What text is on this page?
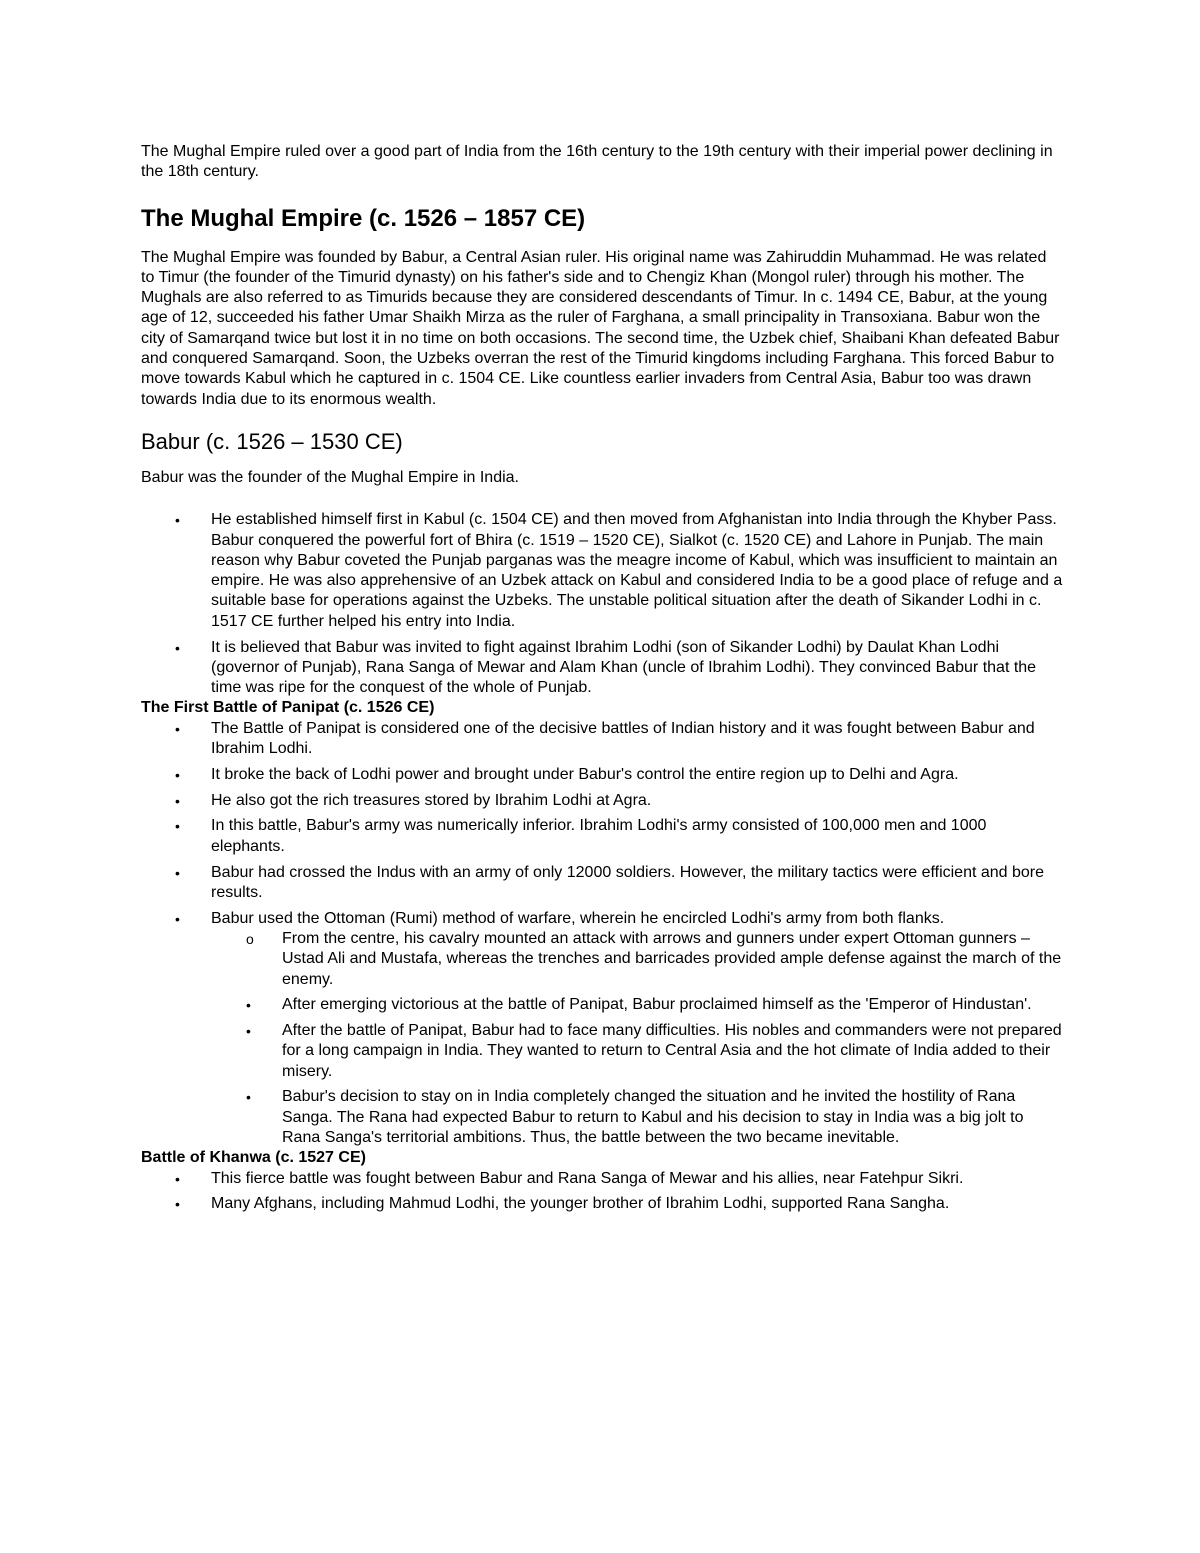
The Mughal Empire ruled over a good part of India from the 16th century to the 19th century with their imperial power declining in the 18th century.

The Mughal Empire (c. 1526 – 1857 CE)

The Mughal Empire was founded by Babur, a Central Asian ruler. His original name was Zahiruddin Muhammad. He was related to Timur (the founder of the Timurid dynasty) on his father's side and to Chengiz Khan (Mongol ruler) through his mother. The Mughals are also referred to as Timurids because they are considered descendants of Timur. In c. 1494 CE, Babur, at the young age of 12, succeeded his father Umar Shaikh Mirza as the ruler of Farghana, a small principality in Transoxiana. Babur won the city of Samarqand twice but lost it in no time on both occasions. The second time, the Uzbek chief, Shaibani Khan defeated Babur and conquered Samarqand. Soon, the Uzbeks overran the rest of the Timurid kingdoms including Farghana. This forced Babur to move towards Kabul which he captured in c. 1504 CE. Like countless earlier invaders from Central Asia, Babur too was drawn towards India due to its enormous wealth.

Babur (c. 1526 – 1530 CE)

Babur was the founder of the Mughal Empire in India.

• He established himself first in Kabul (c. 1504 CE) and then moved from Afghanistan into India through the Khyber Pass. Babur conquered the powerful fort of Bhira (c. 1519 – 1520 CE), Sialkot (c. 1520 CE) and Lahore in Punjab. The main reason why Babur coveted the Punjab parganas was the meagre income of Kabul, which was insufficient to maintain an empire. He was also apprehensive of an Uzbek attack on Kabul and considered India to be a good place of refuge and a suitable base for operations against the Uzbeks. The unstable political situation after the death of Sikander Lodhi in c. 1517 CE further helped his entry into India.
• It is believed that Babur was invited to fight against Ibrahim Lodhi (son of Sikander Lodhi) by Daulat Khan Lodhi (governor of Punjab), Rana Sanga of Mewar and Alam Khan (uncle of Ibrahim Lodhi). They convinced Babur that the time was ripe for the conquest of the whole of Punjab.
The First Battle of Panipat (c. 1526 CE)
• The Battle of Panipat is considered one of the decisive battles of Indian history and it was fought between Babur and Ibrahim Lodhi.
• It broke the back of Lodhi power and brought under Babur's control the entire region up to Delhi and Agra.
• He also got the rich treasures stored by Ibrahim Lodhi at Agra.
• In this battle, Babur's army was numerically inferior. Ibrahim Lodhi's army consisted of 100,000 men and 1000 elephants.
• Babur had crossed the Indus with an army of only 12000 soldiers. However, the military tactics were efficient and bore results.
• Babur used the Ottoman (Rumi) method of warfare, wherein he encircled Lodhi's army from both flanks.
o From the centre, his cavalry mounted an attack with arrows and gunners under expert Ottoman gunners – Ustad Ali and Mustafa, whereas the trenches and barricades provided ample defense against the march of the enemy.
• After emerging victorious at the battle of Panipat, Babur proclaimed himself as the 'Emperor of Hindustan'.
• After the battle of Panipat, Babur had to face many difficulties. His nobles and commanders were not prepared for a long campaign in India. They wanted to return to Central Asia and the hot climate of India added to their misery.
• Babur's decision to stay on in India completely changed the situation and he invited the hostility of Rana Sanga. The Rana had expected Babur to return to Kabul and his decision to stay in India was a big jolt to Rana Sanga's territorial ambitions. Thus, the battle between the two became inevitable.
Battle of Khanwa (c. 1527 CE)
• This fierce battle was fought between Babur and Rana Sanga of Mewar and his allies, near Fatehpur Sikri.
• Many Afghans, including Mahmud Lodhi, the younger brother of Ibrahim Lodhi, supported Rana Sangha.
